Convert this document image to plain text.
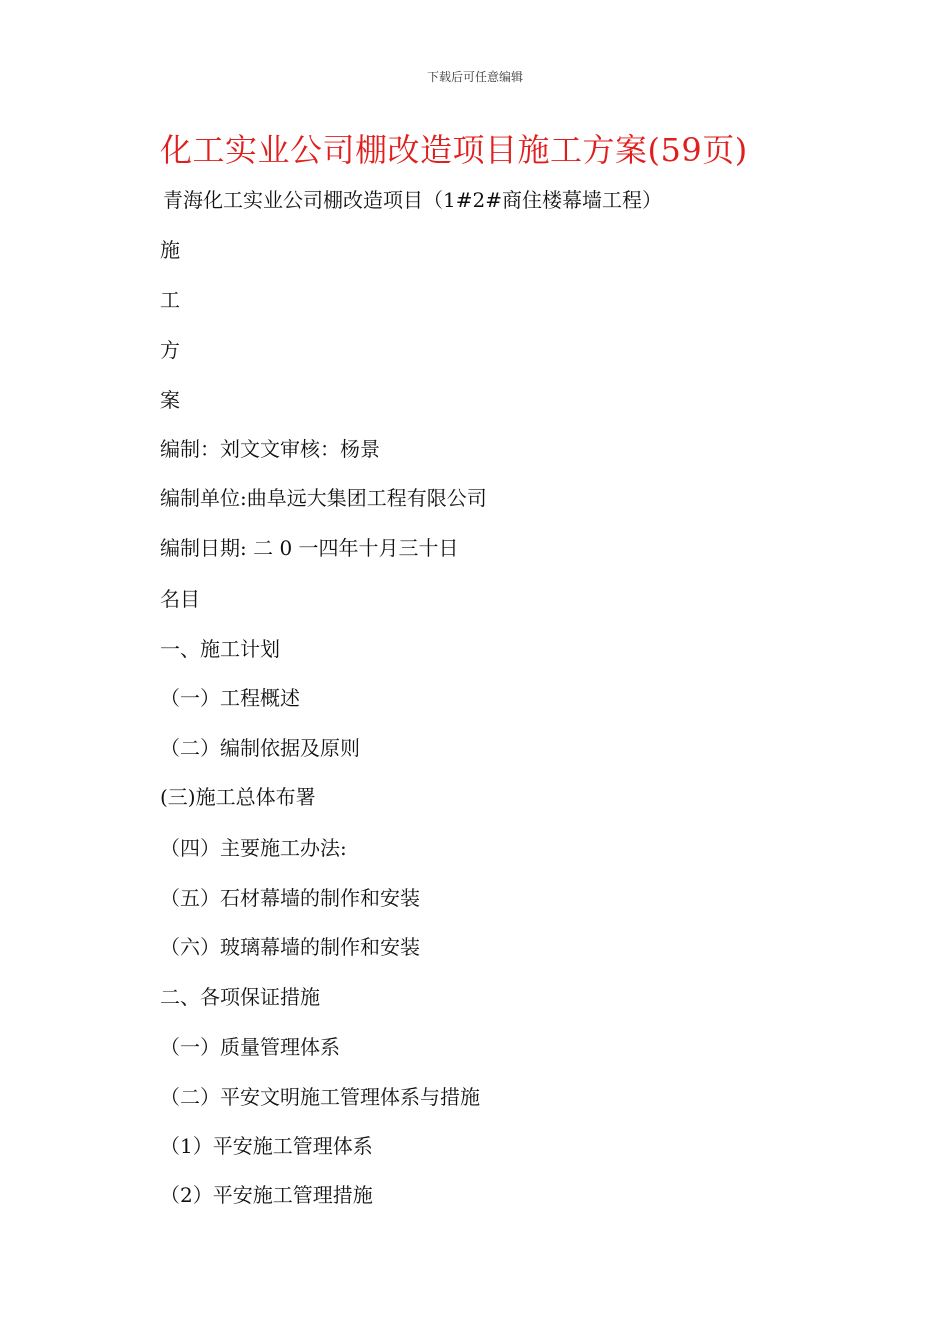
下载后可任意编辑
化工实业公司棚改造项目施工方案(59页)
青海化工实业公司棚改造项目（1#2#商住楼幕墙工程）
施
工
方
案
编制：刘文文审核：杨景
编制单位:曲阜远大集团工程有限公司
编制日期: 二 0 一四年十月三十日
名目
一、施工计划
（一）工程概述
（二）编制依据及原则
(三)施工总体布署
（四）主要施工办法:
（五）石材幕墙的制作和安装
（六）玻璃幕墙的制作和安装
二、各项保证措施
（一）质量管理体系
（二）平安文明施工管理体系与措施
（1）平安施工管理体系
（2）平安施工管理措施
